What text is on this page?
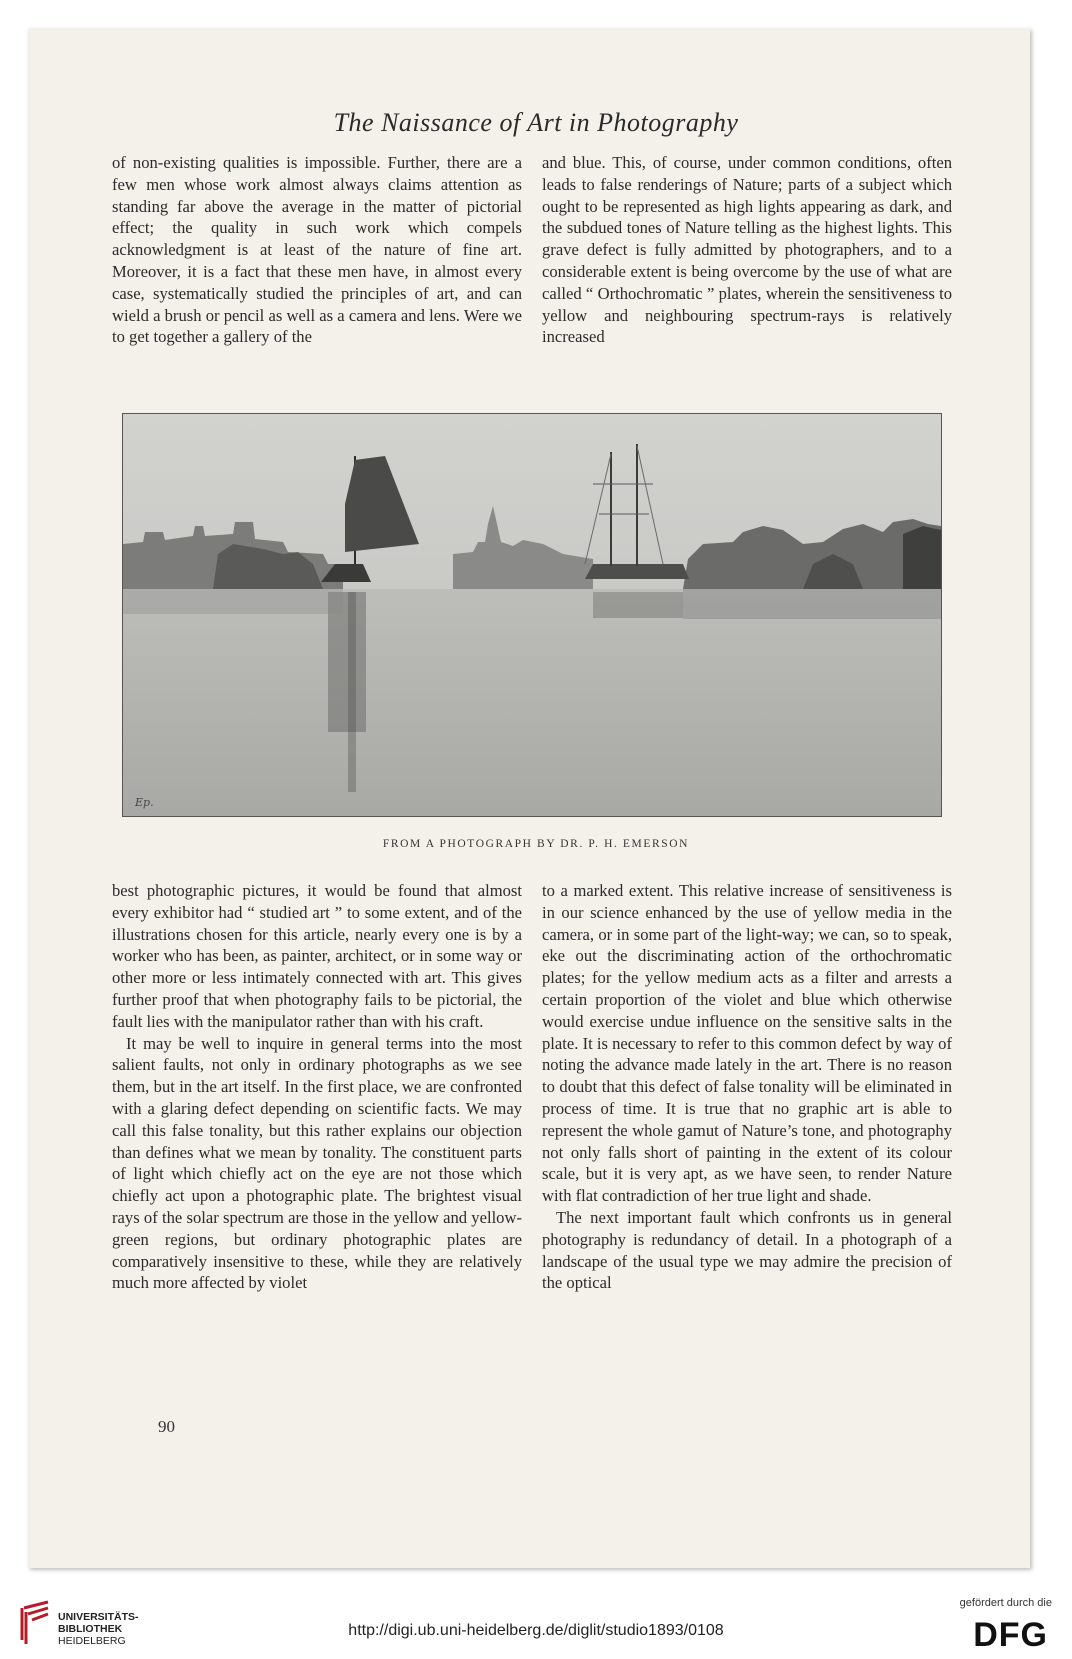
The Naissance of Art in Photography

of non-existing qualities is impossible. Further, there are a few men whose work almost always claims attention as standing far above the average in the matter of pictorial effect; the quality in such work which compels acknowledgment is at least of the nature of fine art. Moreover, it is a fact that these men have, in almost every case, systematically studied the principles of art, and can wield a brush or pencil as well as a camera and lens. Were we to get together a gallery of the

and blue. This, of course, under common conditions, often leads to false renderings of Nature; parts of a subject which ought to be represented as high lights appearing as dark, and the subdued tones of Nature telling as the highest lights. This grave defect is fully admitted by photographers, and to a considerable extent is being overcome by the use of what are called “ Orthochromatic ” plates, wherein the sensitiveness to yellow and neighbouring spectrum-rays is relatively increased

Ep.
FROM A PHOTOGRAPH BY DR. P. H. EMERSON

best photographic pictures, it would be found that almost every exhibitor had “ studied art ” to some extent, and of the illustrations chosen for this article, nearly every one is by a worker who has been, as painter, architect, or in some way or other more or less intimately connected with art. This gives further proof that when photography fails to be pictorial, the fault lies with the manipulator rather than with his craft.

It may be well to inquire in general terms into the most salient faults, not only in ordinary photographs as we see them, but in the art itself. In the first place, we are confronted with a glaring defect depending on scientific facts. We may call this false tonality, but this rather explains our objection than defines what we mean by tonality. The constituent parts of light which chiefly act on the eye are not those which chiefly act upon a photographic plate. The brightest visual rays of the solar spectrum are those in the yellow and yellow-green regions, but ordinary photographic plates are comparatively insensitive to these, while they are relatively much more affected by violet

to a marked extent. This relative increase of sensitiveness is in our science enhanced by the use of yellow media in the camera, or in some part of the light-way; we can, so to speak, eke out the discriminating action of the orthochromatic plates; for the yellow medium acts as a filter and arrests a certain proportion of the violet and blue which otherwise would exercise undue influence on the sensitive salts in the plate. It is necessary to refer to this common defect by way of noting the advance made lately in the art. There is no reason to doubt that this defect of false tonality will be eliminated in process of time. It is true that no graphic art is able to represent the whole gamut of Nature’s tone, and photography not only falls short of painting in the extent of its colour scale, but it is very apt, as we have seen, to render Nature with flat contradiction of her true light and shade.

The next important fault which confronts us in general photography is redundancy of detail. In a photograph of a landscape of the usual type we may admire the precision of the optical

90
UNIVERSITÄTS-
BIBLIOTHEK
HEIDELBERG
http://digi.ub.uni-heidelberg.de/diglit/studio1893/0108
gefördert durch die
DFG
